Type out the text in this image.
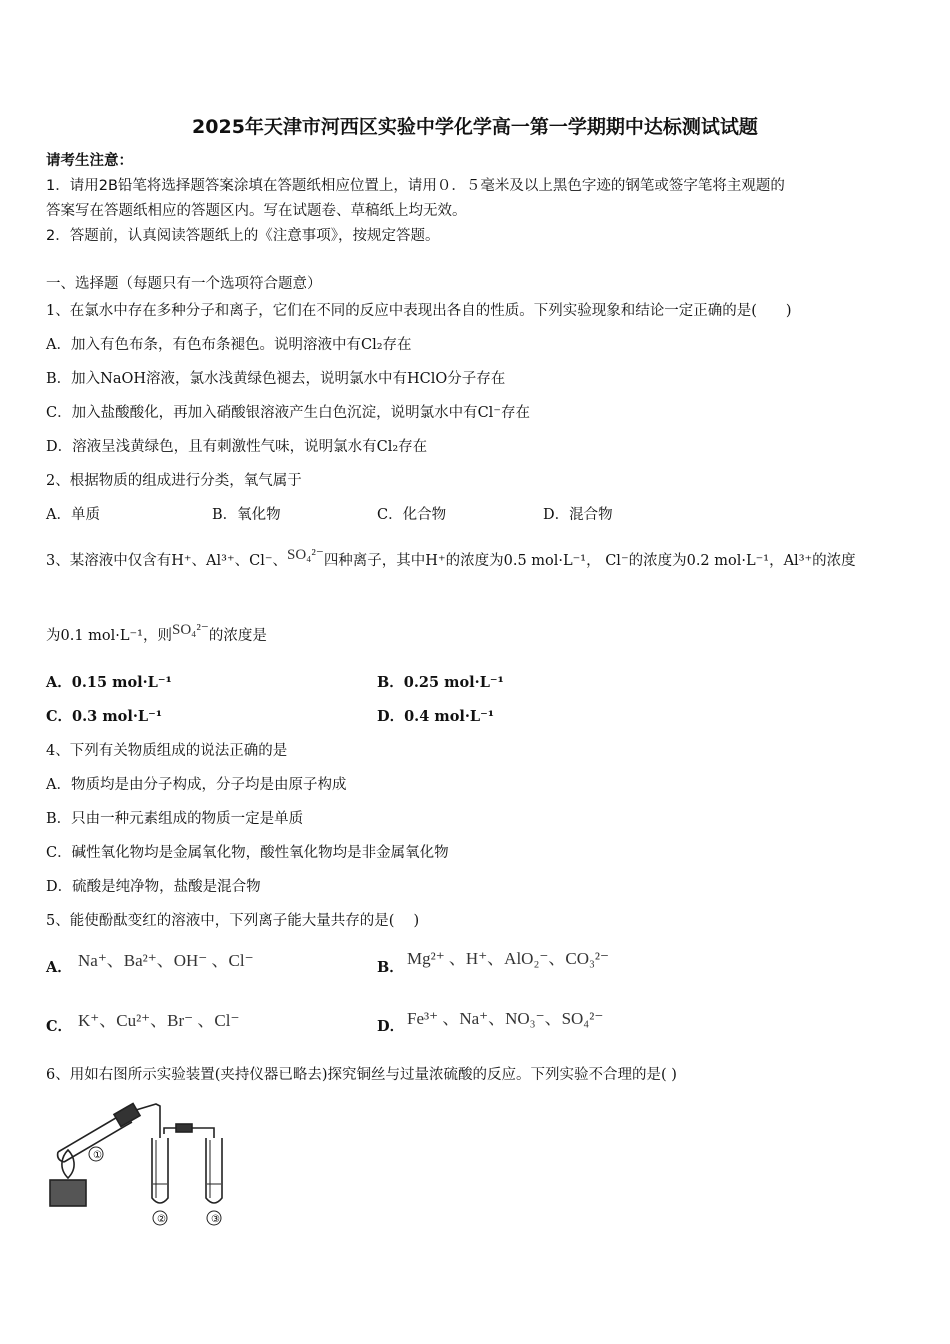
2025年天津市河西区实验中学化学高一第一学期期中达标测试试题
请考生注意：
1．请用2B铅笔将选择题答案涂填在答题纸相应位置上，请用０．５毫米及以上黑色字迹的钢笔或签字笔将主观题的
答案写在答题纸相应的答题区内。写在试题卷、草稿纸上均无效。
2．答题前，认真阅读答题纸上的《注意事项》，按规定答题。
一、选择题（每题只有一个选项符合题意）
1、在氯水中存在多种分子和离子，它们在不同的反应中表现出各自的性质。下列实验现象和结论一定正确的是(　　)
A．加入有色布条，有色布条褪色。说明溶液中有Cl₂存在
B．加入NaOH溶液，氯水浅黄绿色褪去，说明氯水中有HClO分子存在
C．加入盐酸酸化，再加入硝酸银溶液产生白色沉淀，说明氯水中有Cl⁻存在
D．溶液呈浅黄绿色，且有刺激性气味，说明氯水有Cl₂存在
2、根据物质的组成进行分类，氧气属于
A．单质	B．氧化物	C．化合物	D．混合物
3、某溶液中仅含有H⁺、Al³⁺、Cl⁻、SO₄²⁻四种离子，其中H⁺的浓度为0.5 mol·L⁻¹， Cl⁻的浓度为0.2 mol·L⁻¹，Al³⁺的浓度
为0.1 mol·L⁻¹，则SO₄²⁻的浓度是
A．0.15 mol·L⁻¹	B．0.25 mol·L⁻¹
C．0.3 mol·L⁻¹	D．0.4 mol·L⁻¹
4、下列有关物质组成的说法正确的是
A．物质均是由分子构成，分子均是由原子构成
B．只由一种元素组成的物质一定是单质
C．碱性氧化物均是金属氧化物，酸性氧化物均是非金属氧化物
D．硫酸是纯净物，盐酸是混合物
5、能使酚酞变红的溶液中，下列离子能大量共存的是(　 )
A． Na⁺、Ba²⁺、OH⁻ 、Cl⁻	B． Mg²⁺ 、H⁺、AlO₂⁻、CO₃²⁻
C． K⁺、Cu²⁺、Br⁻ 、Cl⁻	D． Fe³⁺ 、Na⁺、NO₃⁻、SO₄²⁻
6、用如右图所示实验装置(夹持仪器已略去)探究铜丝与过量浓硫酸的反应。下列实验不合理的是( )
①
②	③
